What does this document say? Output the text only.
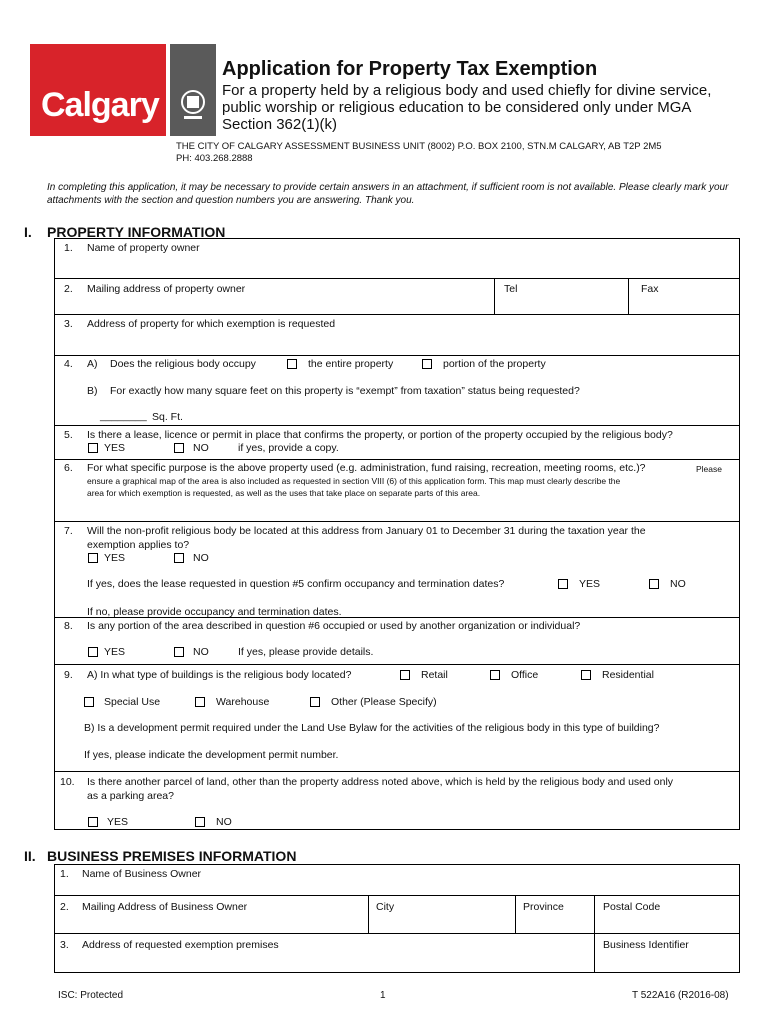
Calgary
Application for Property Tax Exemption
For a property held by a religious body and used chiefly for divine service, public worship or religious education to be considered only under MGA Section 362(1)(k)
THE CITY OF CALGARY ASSESSMENT BUSINESS UNIT (8002) P.O. BOX 2100, STN.M CALGARY, AB T2P 2M5
PH: 403.268.2888
In completing this application, it may be necessary to provide certain answers in an attachment, if sufficient room is not available. Please clearly mark your attachments with the section and question numbers you are answering. Thank you.
I. PROPERTY INFORMATION
1. Name of property owner
2. Mailing address of property owner	Tel	Fax
3. Address of property for which exemption is requested
4. A) Does the religious body occupy	the entire property	portion of the property
B) For exactly how many square feet on this property is “exempt” from taxation” status being requested?
________ Sq. Ft.
5. Is there a lease, licence or permit in place that confirms the property, or portion of the property occupied by the religious body?
YES	NO	if yes, provide a copy.
6. For what specific purpose is the above property used (e.g. administration, fund raising, recreation, meeting rooms, etc.)?	Please
ensure a graphical map of the area is also included as requested in section VIII (6) of this application form. This map must clearly describe the
area for which exemption is requested, as well as the uses that take place on separate parts of this area.
7. Will the non-profit religious body be located at this address from January 01 to December 31 during the taxation year the
exemption applies to?
YES	NO
If yes, does the lease requested in question #5 confirm occupancy and termination dates?	YES	NO
If no, please provide occupancy and termination dates.
8. Is any portion of the area described in question #6 occupied or used by another organization or individual?
YES	NO	If yes, please provide details.
9. A) In what type of buildings is the religious body located?	Retail	Office	Residential
Special Use	Warehouse	Other (Please Specify)
B) Is a development permit required under the Land Use Bylaw for the activities of the religious body in this type of building?
If yes, please indicate the development permit number.
10. Is there another parcel of land, other than the property address noted above, which is held by the religious body and used only
as a parking area?
YES	NO
II. BUSINESS PREMISES INFORMATION
1. Name of Business Owner
2. Mailing Address of Business Owner	City	Province	Postal Code
3. Address of requested exemption premises	Business Identifier
ISC: Protected	1	T 522A16 (R2016-08)
